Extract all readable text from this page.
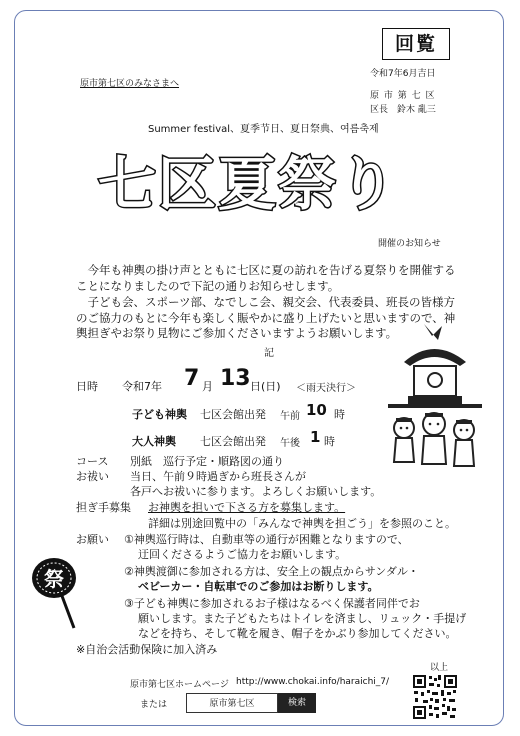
回覧
令和7年6月吉日
原市第七区のみなさまへ
原 市 第 七 区
区長　鈴木 亂三
Summer festival、夏季节日、夏日祭典、여름축제
七区夏祭り
開催のお知らせ
今年も神輿の掛け声とともに七区に夏の訪れを告げる夏祭りを開催することになりましたので下記の通りお知らせします。
子ども会、スポーツ部、なでしこ会、親交会、代表委員、班長の皆様方のご協力のもとに今年も楽しく賑やかに盛り上げたいと思いますので、神輿担ぎやお祭り見物にご参加くださいますようお願いします。
記
日時 令和7年 7 月 13 日(日) ＜雨天決行＞
子ども神輿 七区会館出発 午前 10 時
大人神輿 七区会館出発 午後 1 時
コース 別紙　巡行予定・順路図の通り
お祓い 当日、午前９時過ぎから班長さんが
各戸へお祓いに参ります。よろしくお願いします。
担ぎ手募集 お神輿を担いで下さる方を募集します。
詳細は別途回覧中の「みんなで神輿を担ごう」を参照のこと。
お願い ①神輿巡行時は、自動車等の通行が困難となりますので、
迂回くださるようご協力をお願いします。
②神輿渡御に参加される方は、安全上の観点からサンダル・
ベビーカー・自転車でのご参加はお断りします。
③子ども神輿に参加されるお子様はなるべく保護者同伴でお
願いします。また子どもたちはトイレを済まし、リュック・手提げ
などを持ち、そして靴を履き、帽子をかぶり参加してください。
※自治会活動保険に加入済み
以上
原市第七区ホームページ http://www.chokai.info/haraichi_7/
または	原市第七区	検索
祭
